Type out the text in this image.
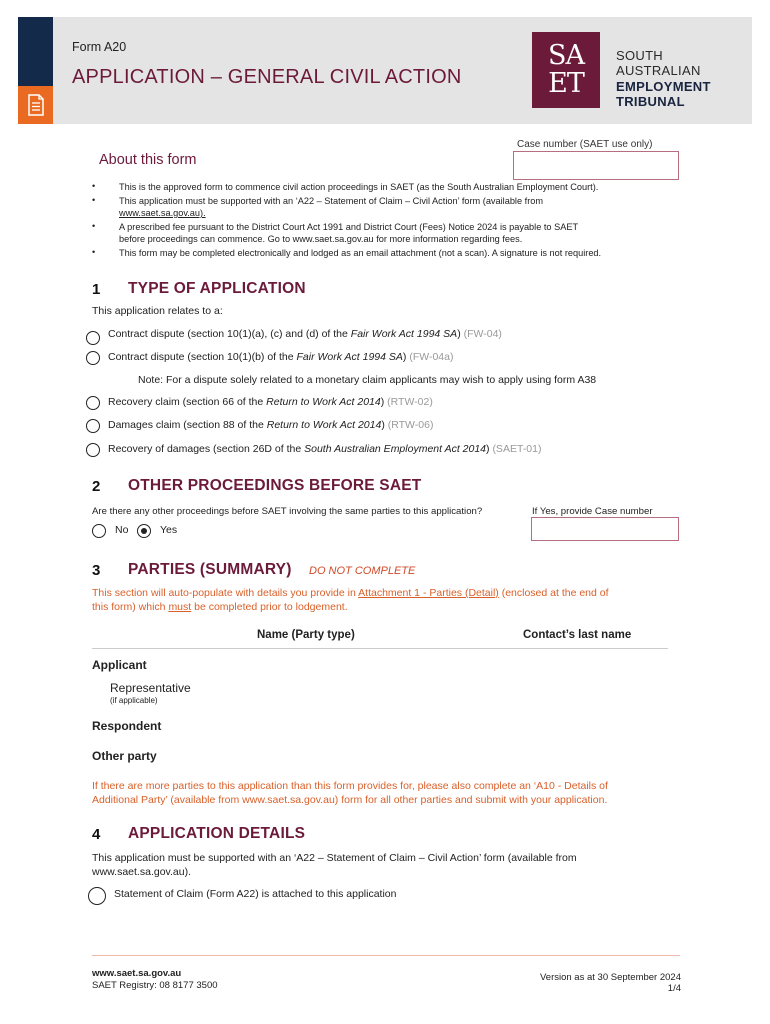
Form A20
APPLICATION – GENERAL CIVIL ACTION
SA
ET
SOUTH
AUSTRALIAN
EMPLOYMENT
TRIBUNAL
Case number (SAET use only)
About this form
•	This is the approved form to commence civil action proceedings in SAET (as the South Australian Employment Court).
•	This application must be supported with an ‘A22 – Statement of Claim – Civil Action’ form (available from
www.saet.sa.gov.au).
•	A prescribed fee pursuant to the District Court Act 1991 and District Court (Fees) Notice 2024 is payable to SAET
before proceedings can commence. Go to www.saet.sa.gov.au for more information regarding fees.
•	This form may be completed electronically and lodged as an email attachment (not a scan). A signature is not required.
1 TYPE OF APPLICATION
This application relates to a:
Contract dispute (section 10(1)(a), (c) and (d) of the Fair Work Act 1994 SA) (FW-04)
Contract dispute (section 10(1)(b) of the Fair Work Act 1994 SA) (FW-04a)
Note: For a dispute solely related to a monetary claim applicants may wish to apply using form A38
Recovery claim (section 66 of the Return to Work Act 2014) (RTW-02)
Damages claim (section 88 of the Return to Work Act 2014) (RTW-06)
Recovery of damages (section 26D of the South Australian Employment Act 2014) (SAET-01)
2 OTHER PROCEEDINGS BEFORE SAET
Are there any other proceedings before SAET involving the same parties to this application?	If Yes, provide Case number
No	Yes
3 PARTIES (SUMMARY) DO NOT COMPLETE
This section will auto-populate with details you provide in Attachment 1 - Parties (Detail) (enclosed at the end of
this form) which must be completed prior to lodgement.
Name (Party type)	Contact’s last name
Applicant
Representative
(if applicable)
Respondent
Other party
If there are more parties to this application than this form provides for, please also complete an ‘A10 - Details of
Additional Party’ (available from www.saet.sa.gov.au) form for all other parties and submit with your application.
4 APPLICATION DETAILS
This application must be supported with an ‘A22 – Statement of Claim – Civil Action’ form (available from
www.saet.sa.gov.au).
Statement of Claim (Form A22) is attached to this application
www.saet.sa.gov.au
SAET Registry: 08 8177 3500
Version as at 30 September 2024
1/4
